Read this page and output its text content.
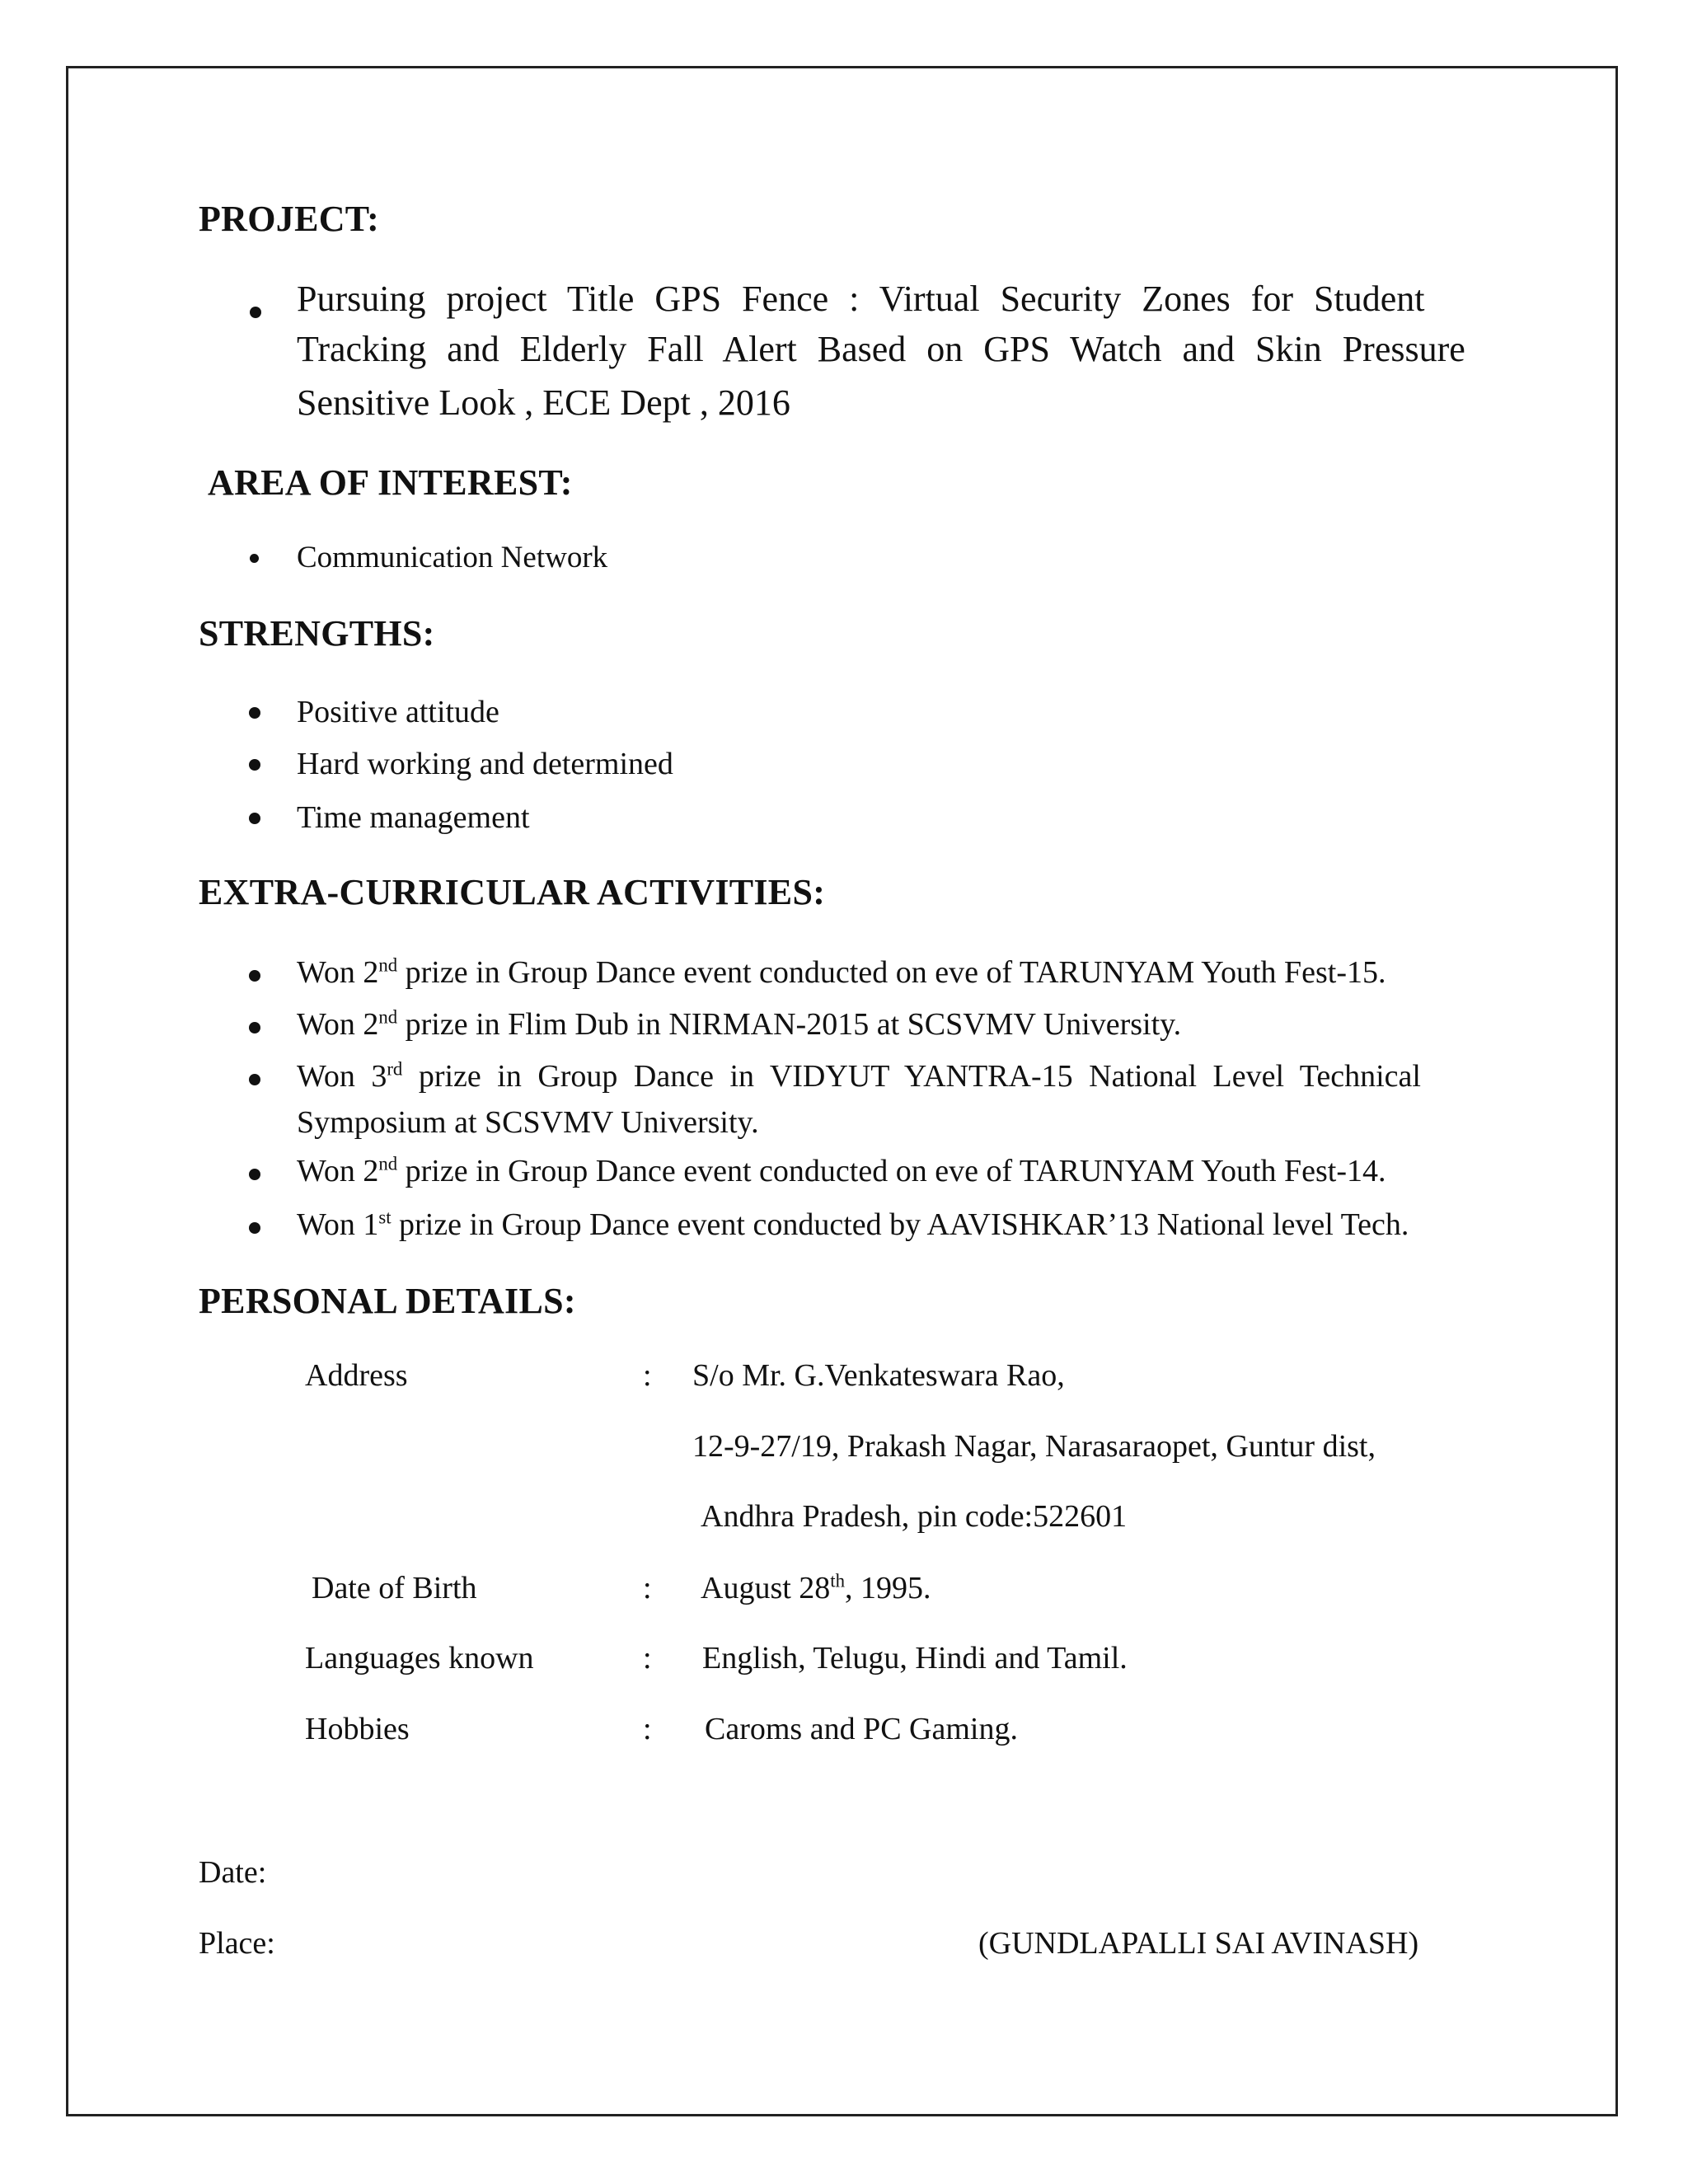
PROJECT:
Pursuing project Title GPS Fence : Virtual Security Zones for Student
Tracking and Elderly Fall Alert Based on GPS Watch and Skin Pressure
Sensitive Look , ECE Dept , 2016
AREA OF INTEREST:
Communication Network
STRENGTHS:
Positive attitude
Hard working and determined
Time management
EXTRA-CURRICULAR ACTIVITIES:
Won 2nd prize in Group Dance event conducted on eve of TARUNYAM Youth Fest-15.
Won 2nd prize in Flim Dub in NIRMAN-2015 at SCSVMV University.
Won 3rd prize in Group Dance in VIDYUT YANTRA-15 National Level Technical
Symposium at SCSVMV University.
Won 2nd prize in Group Dance event conducted on eve of TARUNYAM Youth Fest-14.
Won 1st prize in Group Dance event conducted by AAVISHKAR’13 National level Tech.
PERSONAL DETAILS:
Address	: S/o Mr. G.Venkateswara Rao,
12-9-27/19, Prakash Nagar, Narasaraopet, Guntur dist,
Andhra Pradesh, pin code:522601
Date of Birth	: August 28th, 1995.
Languages known	: English, Telugu, Hindi and Tamil.
Hobbies	: Caroms and PC Gaming.
Date:
Place:	(GUNDLAPALLI SAI AVINASH)
